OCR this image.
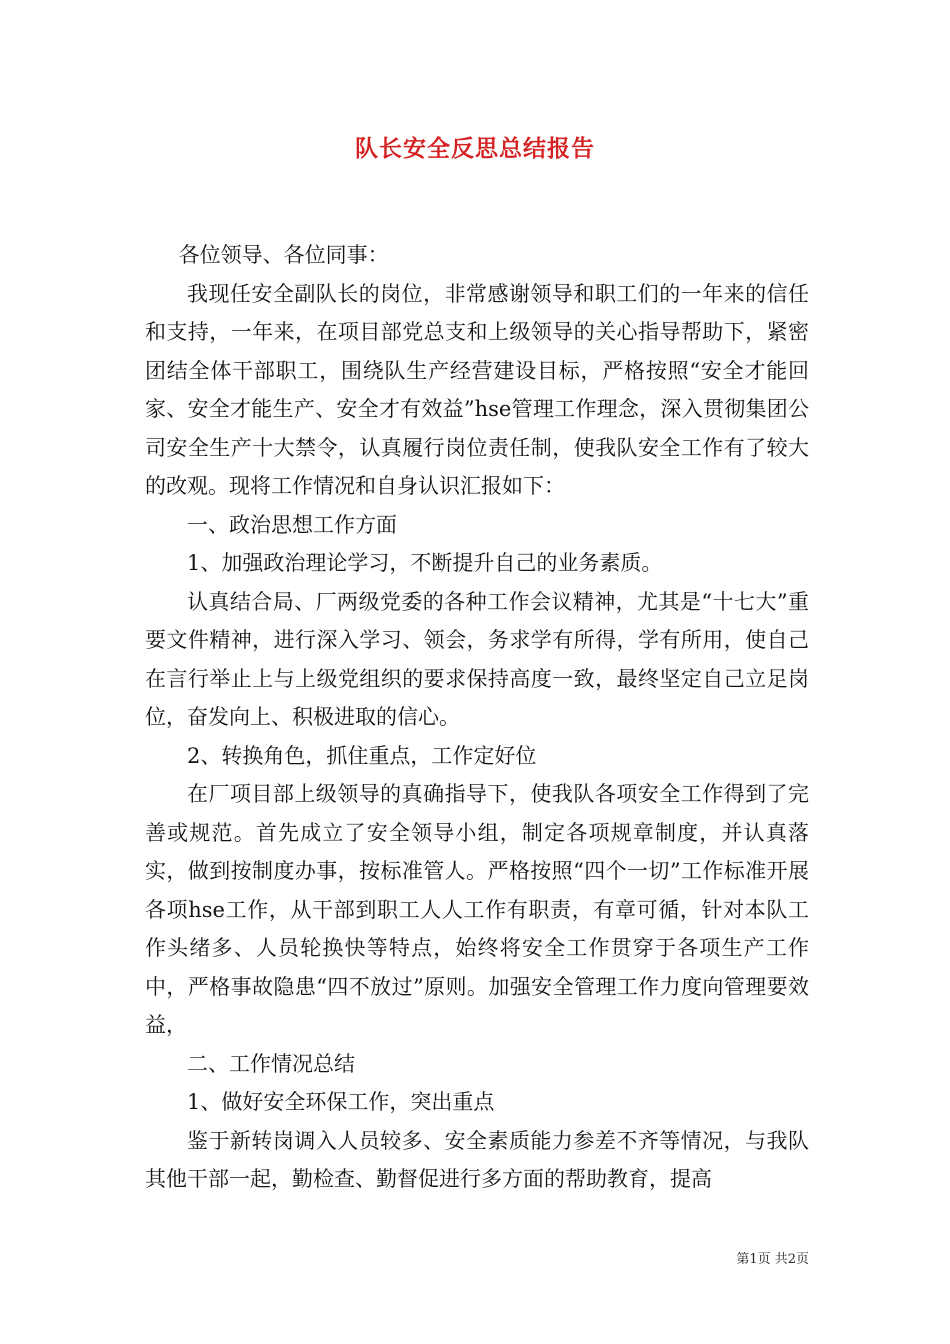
队长安全反思总结报告

各位领导、各位同事：

我现任安全副队长的岗位，非常感谢领导和职工们的一年来的信任和支持，一年来，在项目部党总支和上级领导的关心指导帮助下，紧密团结全体干部职工，围绕队生产经营建设目标，严格按照“安全才能回家、安全才能生产、安全才有效益”hse管理工作理念，深入贯彻集团公司安全生产十大禁令，认真履行岗位责任制，使我队安全工作有了较大的改观。现将工作情况和自身认识汇报如下：

一、政治思想工作方面

1、加强政治理论学习，不断提升自己的业务素质。

认真结合局、厂两级党委的各种工作会议精神，尤其是“十七大”重要文件精神，进行深入学习、领会，务求学有所得，学有所用，使自己在言行举止上与上级党组织的要求保持高度一致，最终坚定自己立足岗位，奋发向上、积极进取的信心。

2、转换角色，抓住重点，工作定好位

在厂项目部上级领导的真确指导下，使我队各项安全工作得到了完善或规范。首先成立了安全领导小组，制定各项规章制度，并认真落实，做到按制度办事，按标准管人。严格按照“四个一切”工作标准开展各项hse工作，从干部到职工人人工作有职责，有章可循，针对本队工作头绪多、人员轮换快等特点，始终将安全工作贯穿于各项生产工作中，严格事故隐患“四不放过”原则。加强安全管理工作力度向管理要效益，

二、工作情况总结

1、做好安全环保工作，突出重点

鉴于新转岗调入人员较多、安全素质能力参差不齐等情况，与我队其他干部一起，勤检查、勤督促进行多方面的帮助教育，提高

第1页 共2页
